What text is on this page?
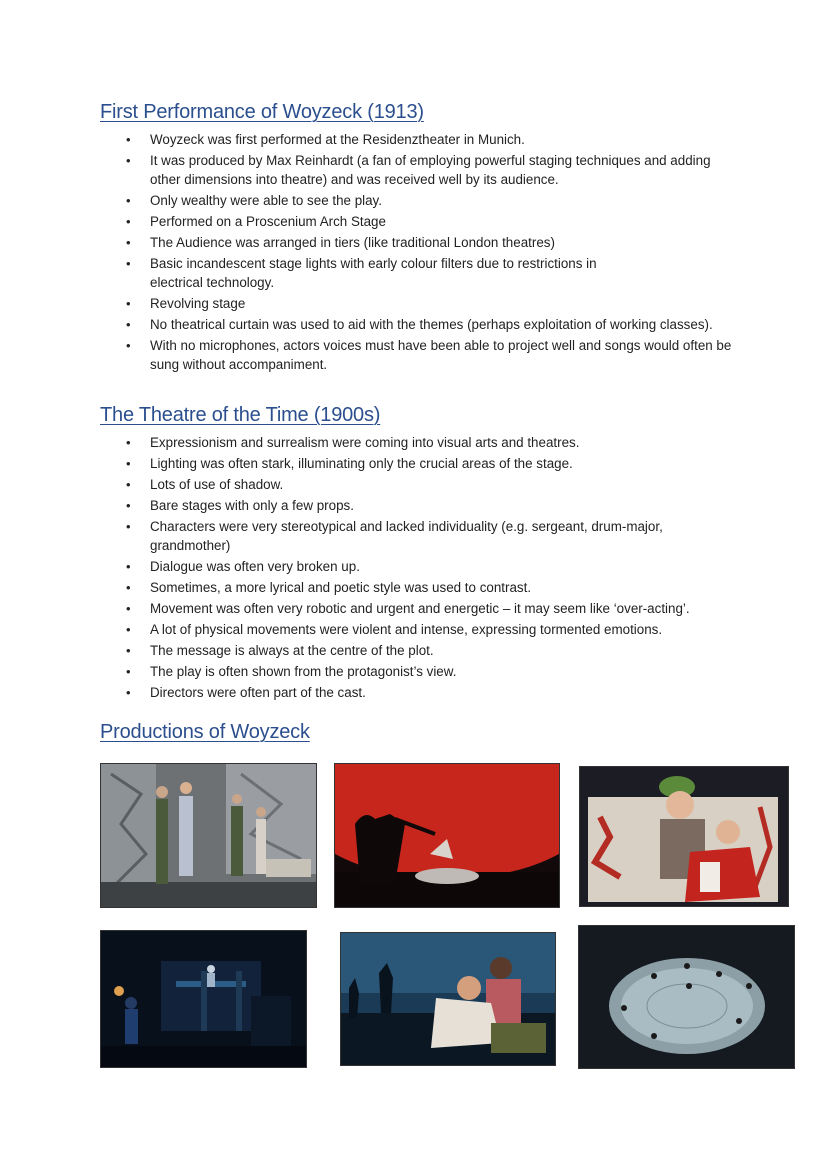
First Performance of Woyzeck (1913)
• Woyzeck was first performed at the Residenztheater in Munich.
• It was produced by Max Reinhardt (a fan of employing powerful staging techniques and adding other dimensions into theatre) and was received well by its audience.
• Only wealthy were able to see the play.
• Performed on a Proscenium Arch Stage
• The Audience was arranged in tiers (like traditional London theatres)
• Basic incandescent stage lights with early colour filters due to restrictions in electrical technology.
• Revolving stage
• No theatrical curtain was used to aid with the themes (perhaps exploitation of working classes).
• With no microphones, actors voices must have been able to project well and songs would often be sung without accompaniment.
The Theatre of the Time (1900s)
• Expressionism and surrealism were coming into visual arts and theatres.
• Lighting was often stark, illuminating only the crucial areas of the stage.
• Lots of use of shadow.
• Bare stages with only a few props.
• Characters were very stereotypical and lacked individuality (e.g. sergeant, drum-major, grandmother)
• Dialogue was often very broken up.
• Sometimes, a more lyrical and poetic style was used to contrast.
• Movement was often very robotic and urgent and energetic – it may seem like ‘over-acting’.
• A lot of physical movements were violent and intense, expressing tormented emotions.
• The message is always at the centre of the plot.
• The play is often shown from the protagonist’s view.
• Directors were often part of the cast.
Productions of Woyzeck
